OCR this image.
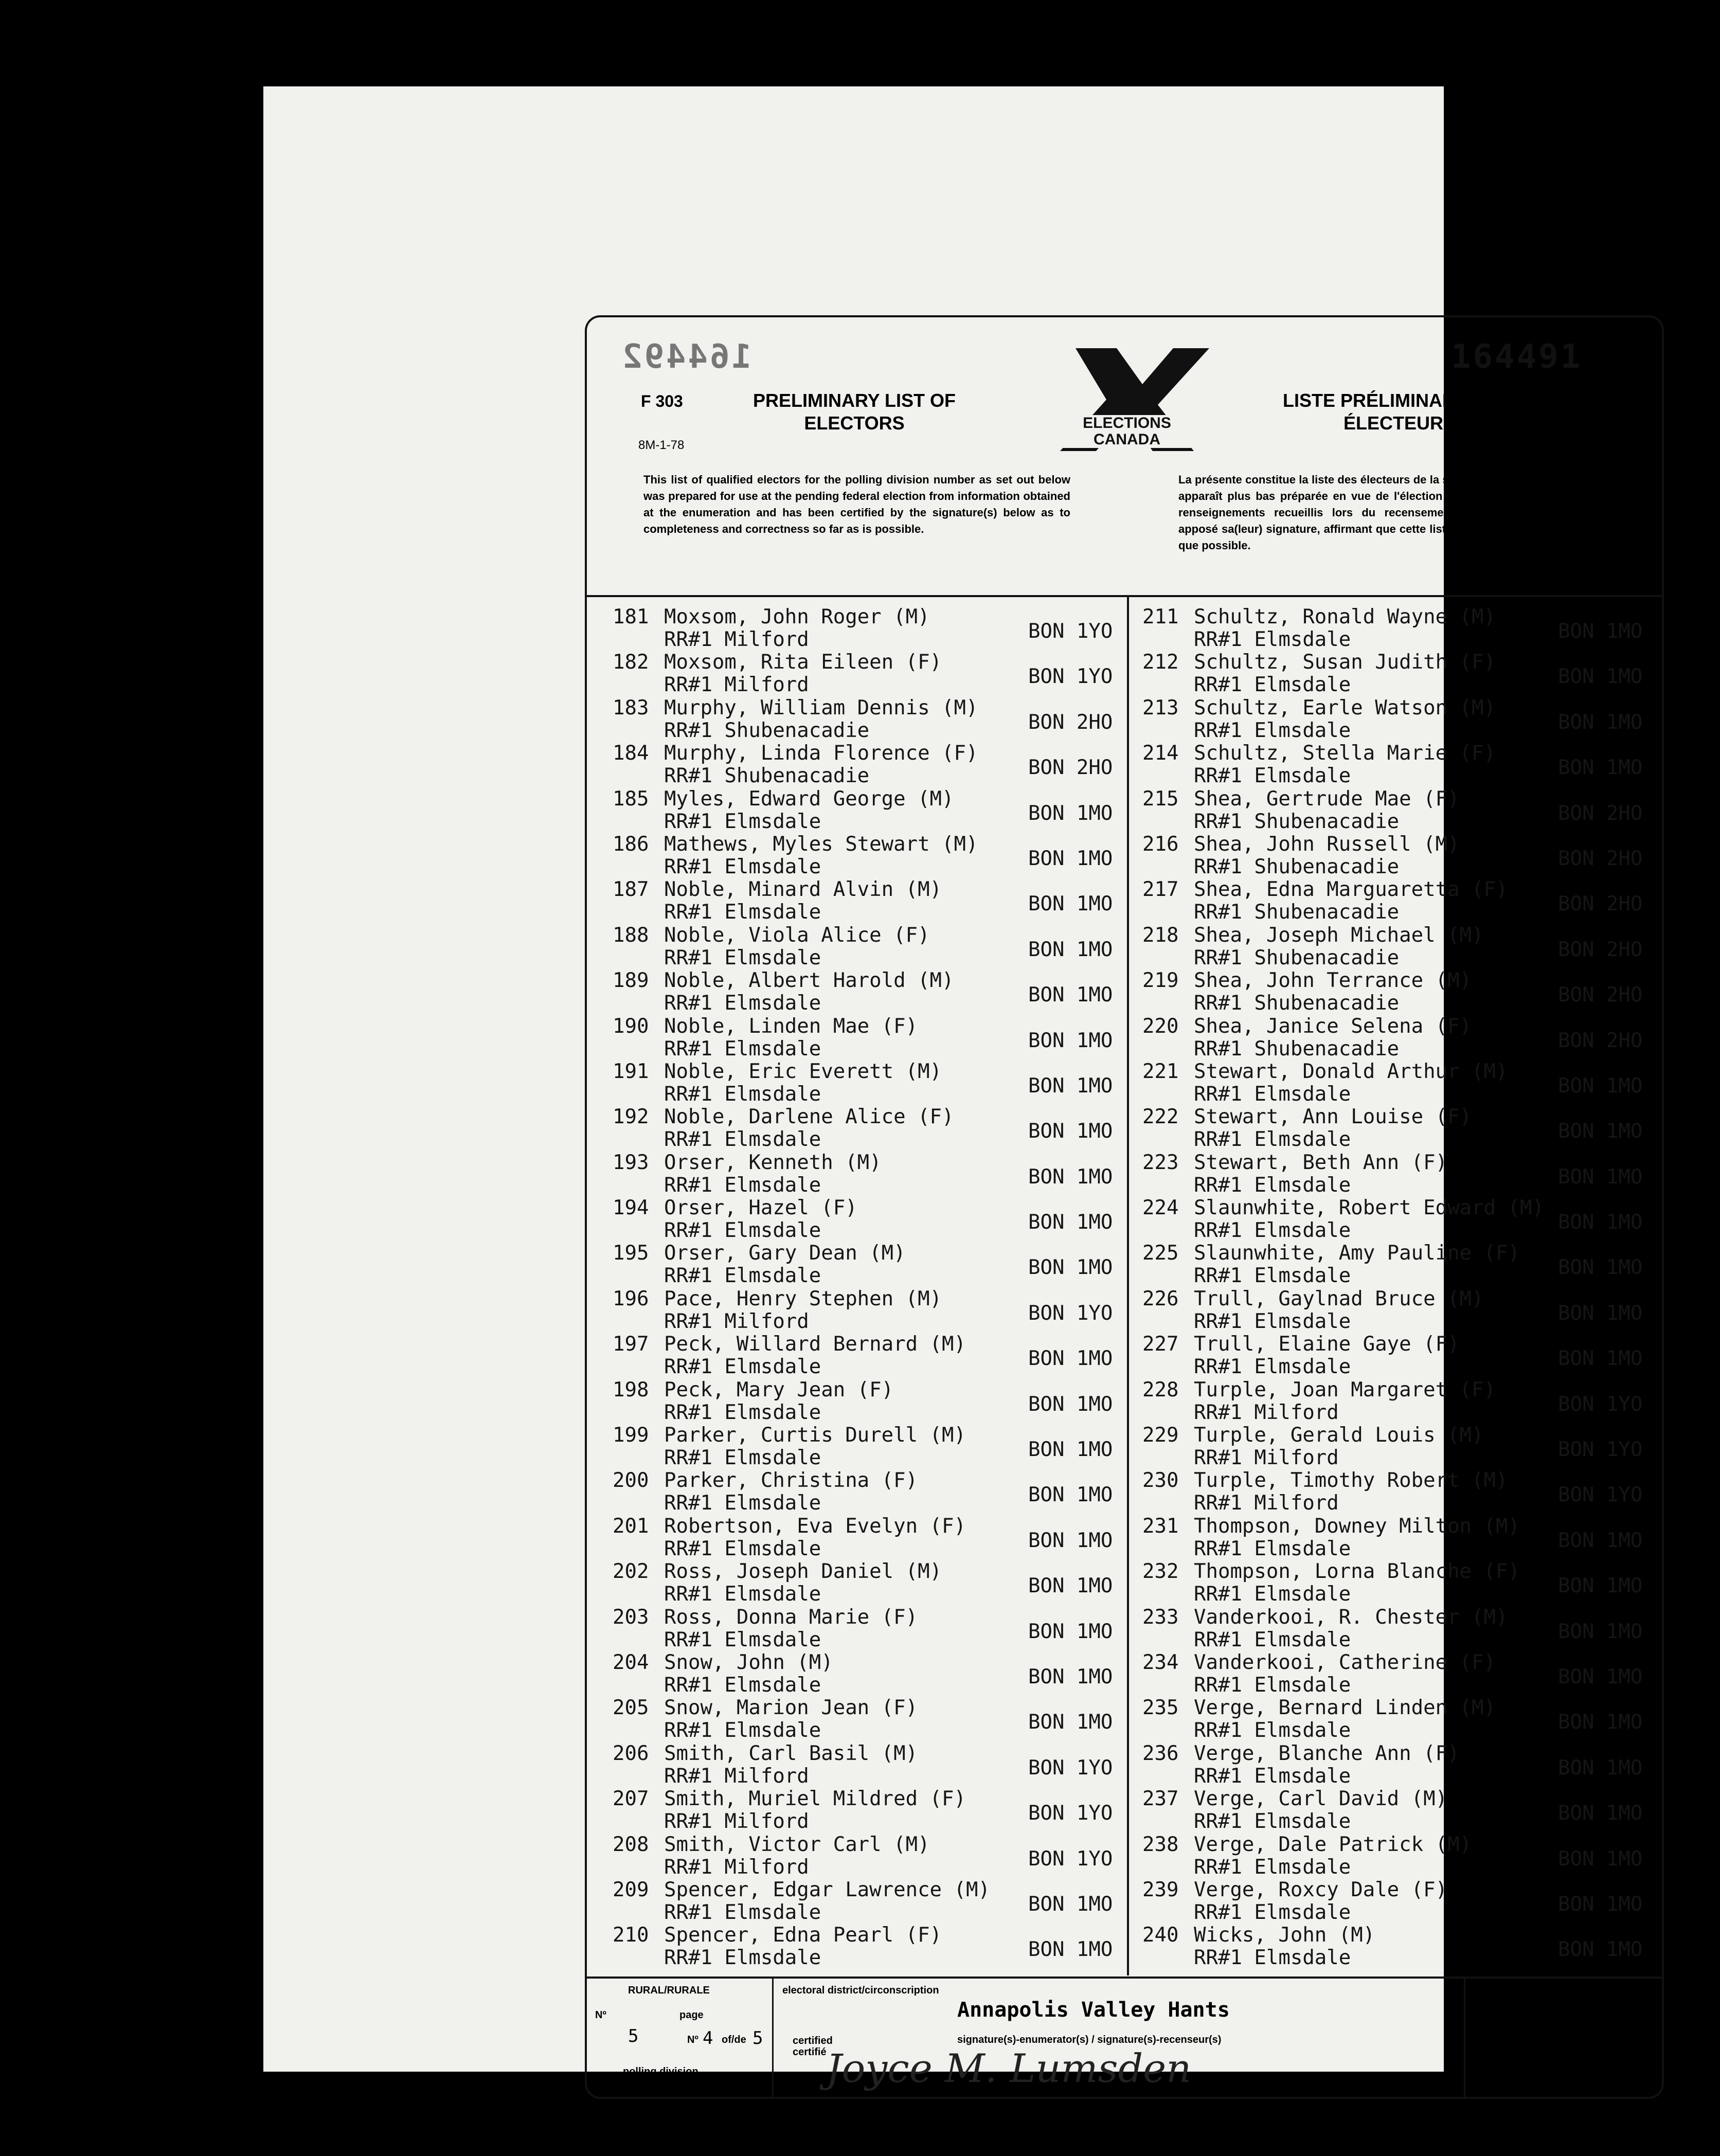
164492	164491
F 303
8M-1-78
PRELIMINARY LIST OF ELECTORS	ELECTIONS CANADA
LISTE PRÉLIMINAIRE DES ÉLECTEURS
This list of qualified electors for the polling division number as set out below was prepared for use at the pending federal election from information obtained at the enumeration and has been certified by the signature(s) below as to completeness and correctness so far as is possible.
La présente constitue la liste des électeurs de la section de vote dont le numéro apparaît plus bas préparée en vue de l'élection fédérale en cours d'après les renseignements recueillis lors du recensement. Le(s) recenseur(s) a(ont) apposé sa(leur) signature, affirmant que cette liste est aussi complète et exacte que possible.
181 Moxsom, John Roger (M)
RR#1 Milford	BON 1YO
182 Moxsom, Rita Eileen (F)
RR#1 Milford	BON 1YO
183 Murphy, William Dennis (M)
RR#1 Shubenacadie	BON 2HO
184 Murphy, Linda Florence (F)
RR#1 Shubenacadie	BON 2HO
185 Myles, Edward George (M)
RR#1 Elmsdale	BON 1MO
186 Mathews, Myles Stewart (M)
RR#1 Elmsdale	BON 1MO
187 Noble, Minard Alvin (M)
RR#1 Elmsdale	BON 1MO
188 Noble, Viola Alice (F)
RR#1 Elmsdale	BON 1MO
189 Noble, Albert Harold (M)
RR#1 Elmsdale	BON 1MO
190 Noble, Linden Mae (F)
RR#1 Elmsdale	BON 1MO
191 Noble, Eric Everett (M)
RR#1 Elmsdale	BON 1MO
192 Noble, Darlene Alice (F)
RR#1 Elmsdale	BON 1MO
193 Orser, Kenneth (M)
RR#1 Elmsdale	BON 1MO
194 Orser, Hazel (F)
RR#1 Elmsdale	BON 1MO
195 Orser, Gary Dean (M)
RR#1 Elmsdale	BON 1MO
196 Pace, Henry Stephen (M)
RR#1 Milford	BON 1YO
197 Peck, Willard Bernard (M)
RR#1 Elmsdale	BON 1MO
198 Peck, Mary Jean (F)
RR#1 Elmsdale	BON 1MO
199 Parker, Curtis Durell (M)
RR#1 Elmsdale	BON 1MO
200 Parker, Christina (F)
RR#1 Elmsdale	BON 1MO
201 Robertson, Eva Evelyn (F)
RR#1 Elmsdale	BON 1MO
202 Ross, Joseph Daniel (M)
RR#1 Elmsdale	BON 1MO
203 Ross, Donna Marie (F)
RR#1 Elmsdale	BON 1MO
204 Snow, John (M)
RR#1 Elmsdale	BON 1MO
205 Snow, Marion Jean (F)
RR#1 Elmsdale	BON 1MO
206 Smith, Carl Basil (M)
RR#1 Milford	BON 1YO
207 Smith, Muriel Mildred (F)
RR#1 Milford	BON 1YO
208 Smith, Victor Carl (M)
RR#1 Milford	BON 1YO
209 Spencer, Edgar Lawrence (M)
RR#1 Elmsdale	BON 1MO
210 Spencer, Edna Pearl (F)
RR#1 Elmsdale	BON 1MO
211 Schultz, Ronald Wayne (M)
RR#1 Elmsdale	BON 1MO
212 Schultz, Susan Judith (F)
RR#1 Elmsdale	BON 1MO
213 Schultz, Earle Watson (M)
RR#1 Elmsdale	BON 1MO
214 Schultz, Stella Marie (F)
RR#1 Elmsdale	BON 1MO
215 Shea, Gertrude Mae (F)
RR#1 Shubenacadie	BON 2HO
216 Shea, John Russell (M)
RR#1 Shubenacadie	BON 2HO
217 Shea, Edna Marguaretta (F)
RR#1 Shubenacadie	BON 2HO
218 Shea, Joseph Michael (M)
RR#1 Shubenacadie	BON 2HO
219 Shea, John Terrance (M)
RR#1 Shubenacadie	BON 2HO
220 Shea, Janice Selena (F)
RR#1 Shubenacadie	BON 2HO
221 Stewart, Donald Arthur (M)
RR#1 Elmsdale	BON 1MO
222 Stewart, Ann Louise (F)
RR#1 Elmsdale	BON 1MO
223 Stewart, Beth Ann (F)
RR#1 Elmsdale	BON 1MO
224 Slaunwhite, Robert Edward (M)
RR#1 Elmsdale	BON 1MO
225 Slaunwhite, Amy Pauline (F)
RR#1 Elmsdale	BON 1MO
226 Trull, Gaylnad Bruce (M)
RR#1 Elmsdale	BON 1MO
227 Trull, Elaine Gaye (F)
RR#1 Elmsdale	BON 1MO
228 Turple, Joan Margaret (F)
RR#1 Milford	BON 1YO
229 Turple, Gerald Louis (M)
RR#1 Milford	BON 1YO
230 Turple, Timothy Robert (M)
RR#1 Milford	BON 1YO
231 Thompson, Downey Milton (M)
RR#1 Elmsdale	BON 1MO
232 Thompson, Lorna Blanche (F)
RR#1 Elmsdale	BON 1MO
233 Vanderkooi, R. Chester (M)
RR#1 Elmsdale	BON 1MO
234 Vanderkooi, Catherine (F)
RR#1 Elmsdale	BON 1MO
235 Verge, Bernard Linden (M)
RR#1 Elmsdale	BON 1MO
236 Verge, Blanche Ann (F)
RR#1 Elmsdale	BON 1MO
237 Verge, Carl David (M)
RR#1 Elmsdale	BON 1MO
238 Verge, Dale Patrick (M)
RR#1 Elmsdale	BON 1MO
239 Verge, Roxcy Dale (F)
RR#1 Elmsdale	BON 1MO
240 Wicks, John (M)
RR#1 Elmsdale	BON 1MO
RURAL/RURALE
Nº	page
5	Nº 4 of/de 5
polling division section de vote
electoral district/circonscription
Annapolis Valley Hants
certified certifié
signature(s)-enumerator(s) / signature(s)-recenseur(s)
Joyce M. Lumsden
URBAN/URBAINE
Nº	page
Nº	of/de
polling division section de vote
